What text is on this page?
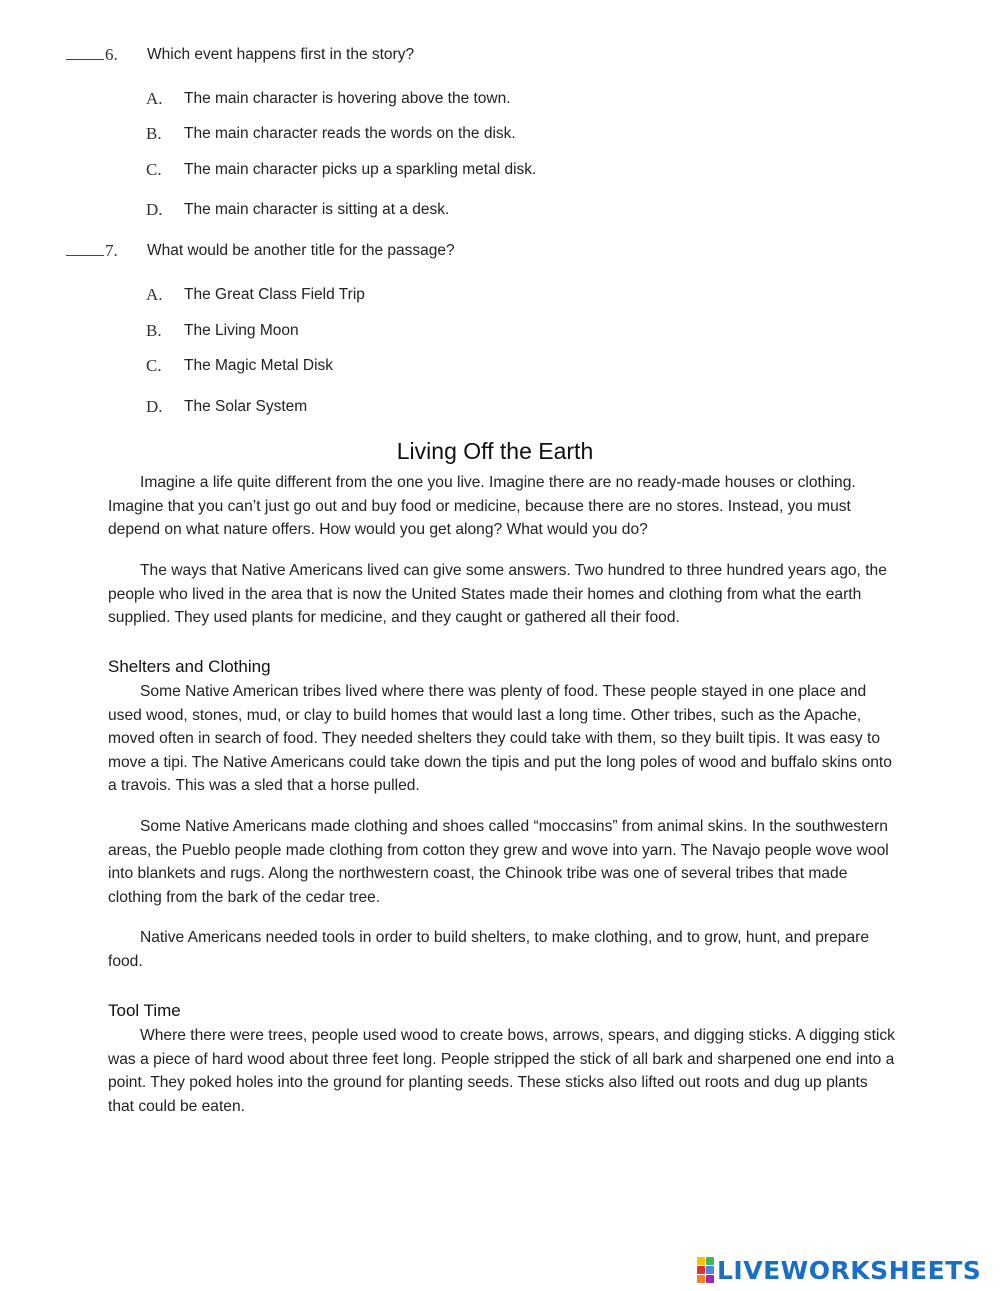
6. Which event happens first in the story?
A. The main character is hovering above the town.
B. The main character reads the words on the disk.
C. The main character picks up a sparkling metal disk.
D. The main character is sitting at a desk.
7. What would be another title for the passage?
A. The Great Class Field Trip
B. The Living Moon
C. The Magic Metal Disk
D. The Solar System
Living Off the Earth

Imagine a life quite different from the one you live. Imagine there are no ready-made houses or clothing. Imagine that you can’t just go out and buy food or medicine, because there are no stores. Instead, you must depend on what nature offers. How would you get along? What would you do?

The ways that Native Americans lived can give some answers. Two hundred to three hundred years ago, the people who lived in the area that is now the United States made their homes and clothing from what the earth supplied. They used plants for medicine, and they caught or gathered all their food.

Shelters and Clothing

Some Native American tribes lived where there was plenty of food. These people stayed in one place and used wood, stones, mud, or clay to build homes that would last a long time. Other tribes, such as the Apache, moved often in search of food. They needed shelters they could take with them, so they built tipis. It was easy to move a tipi. The Native Americans could take down the tipis and put the long poles of wood and buffalo skins onto a travois. This was a sled that a horse pulled.

Some Native Americans made clothing and shoes called “moccasins” from animal skins. In the southwestern areas, the Pueblo people made clothing from cotton they grew and wove into yarn. The Navajo people wove wool into blankets and rugs. Along the northwestern coast, the Chinook tribe was one of several tribes that made clothing from the bark of the cedar tree.

Native Americans needed tools in order to build shelters, to make clothing, and to grow, hunt, and prepare food.

Tool Time

Where there were trees, people used wood to create bows, arrows, spears, and digging sticks. A digging stick was a piece of hard wood about three feet long. People stripped the stick of all bark and sharpened one end into a point. They poked holes into the ground for planting seeds. These sticks also lifted out roots and dug up plants that could be eaten.

LIVEWORKSHEETS
